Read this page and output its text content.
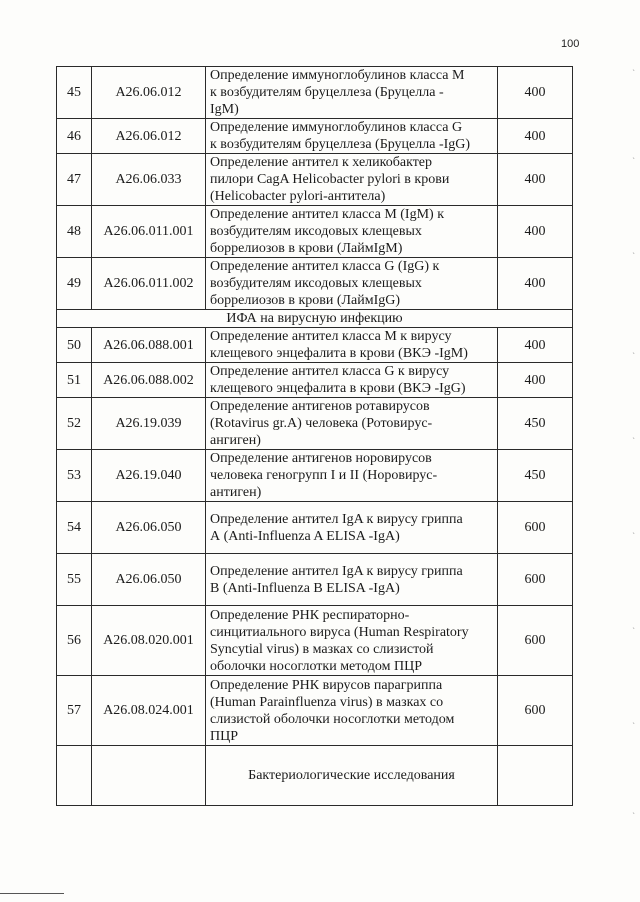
100
45	A26.06.012	Определение иммуноглобулинов класса М
к возбудителям бруцеллеза (Бруцелла -
IgM)	400
46	A26.06.012	Определение иммуноглобулинов класса G
к возбудителям бруцеллеза (Бруцелла -IgG)	400
47	A26.06.033	Определение антител к хеликобактер
пилори CagA Helicobacter pylori в крови
(Helicobacter pylori-антитела)	400
48	A26.06.011.001	Определение антител класса М (IgM) к
возбудителям иксодовых клещевых
боррелиозов в крови (ЛаймIgM)	400
49	A26.06.011.002	Определение антител класса G (IgG) к
возбудителям иксодовых клещевых
боррелиозов в крови (ЛаймIgG)	400
ИФА на вирусную инфекцию			
50	A26.06.088.001	Определение антител класса М к вирусу
клещевого энцефалита в крови (ВКЭ -IgM)	400
51	A26.06.088.002	Определение антител класса G к вирусу
клещевого энцефалита в крови (ВКЭ -IgG)	400
52	A26.19.039	Определение антигенов ротавирусов
(Rotavirus gr.A) человека (Ротовирус-
ангиген)	450
53	A26.19.040	Определение антигенов норовирусов
человека геногрупп I и II (Норовирус-
антиген)	450
54	A26.06.050	Определение антител IgA к вирусу гриппа
А (Anti-Influenza A ELISA -IgA)	600
55	A26.06.050	Определение антител IgA к вирусу гриппа
В (Anti-Influenza B ELISA -IgA)	600
56	A26.08.020.001	Определение РНК респираторно-
синцитиального вируса (Human Respiratory
Syncytial virus) в мазках со слизистой
оболочки носоглотки методом ПЦР	600
57	A26.08.024.001	Определение РНК вирусов парагриппа
(Human Parainfluenza virus) в мазках со
слизистой оболочки носоглотки методом
ПЦР	600

		Бактериологические исследования	

ˎ
ˎ
ˎ
ˎ
ˎ
ˎ
ˎ
ˎ
ˎ
